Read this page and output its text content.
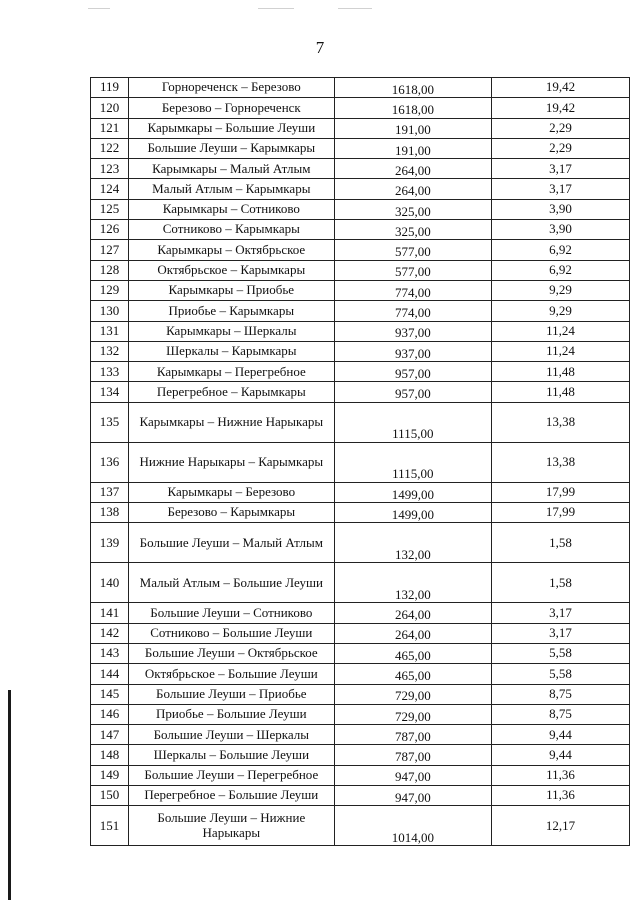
7
119	Горнореченск – Березово	1618,00	19,42
120	Березово – Горнореченск	1618,00	19,42
121	Карымкары – Большие Леуши	191,00	2,29
122	Большие Леуши – Карымкары	191,00	2,29
123	Карымкары – Малый Атлым	264,00	3,17
124	Малый Атлым – Карымкары	264,00	3,17
125	Карымкары – Сотниково	325,00	3,90
126	Сотниково – Карымкары	325,00	3,90
127	Карымкары – Октябрьское	577,00	6,92
128	Октябрьское – Карымкары	577,00	6,92
129	Карымкары – Приобье	774,00	9,29
130	Приобье – Карымкары	774,00	9,29
131	Карымкары – Шеркалы	937,00	11,24
132	Шеркалы – Карымкары	937,00	11,24
133	Карымкары – Перегребное	957,00	11,48
134	Перегребное – Карымкары	957,00	11,48
135	Карымкары – Нижние Нарыкары	1115,00	13,38
136	Нижние Нарыкары – Карымкары	1115,00	13,38
137	Карымкары – Березово	1499,00	17,99
138	Березово – Карымкары	1499,00	17,99
139	Большие Леуши – Малый Атлым	132,00	1,58
140	Малый Атлым – Большие Леуши	132,00	1,58
141	Большие Леуши – Сотниково	264,00	3,17
142	Сотниково – Большие Леуши	264,00	3,17
143	Большие Леуши – Октябрьское	465,00	5,58
144	Октябрьское – Большие Леуши	465,00	5,58
145	Большие Леуши – Приобье	729,00	8,75
146	Приобье – Большие Леуши	729,00	8,75
147	Большие Леуши – Шеркалы	787,00	9,44
148	Шеркалы – Большие Леуши	787,00	9,44
149	Большие Леуши – Перегребное	947,00	11,36
150	Перегребное – Большие Леуши	947,00	11,36
151	Большие Леуши – Нижние Нарыкары	1014,00	12,17
